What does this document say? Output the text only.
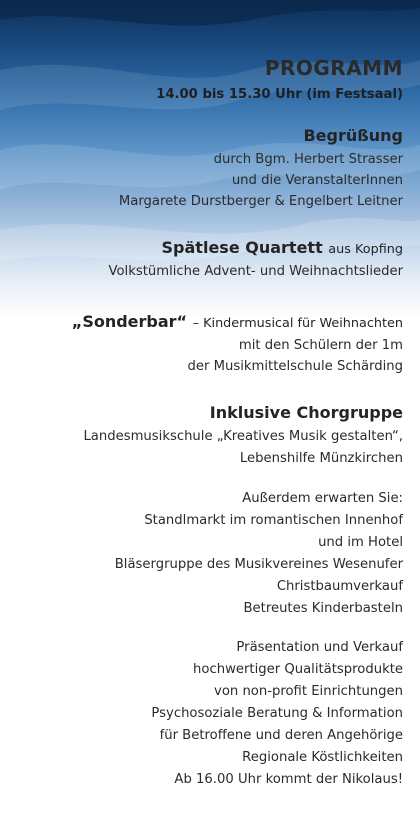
PROGRAMM
14.00 bis 15.30 Uhr (im Festsaal)
Begrüßung
durch Bgm. Herbert Strasser
und die VeranstalterInnen
Margarete Durstberger & Engelbert Leitner
Spätlese Quartett aus Kopfing
Volkstümliche Advent- und Weihnachtslieder
„Sonderbar“ – Kindermusical für Weihnachten
mit den Schülern der 1m
der Musikmittelschule Schärding
Inklusive Chorgruppe
Landesmusikschule „Kreatives Musik gestalten“,
Lebenshilfe Münzkirchen
Außerdem erwarten Sie:
Standlmarkt im romantischen Innenhof
und im Hotel
Bläsergruppe des Musikvereines Wesenufer
Christbaumverkauf
Betreutes Kinderbasteln
Präsentation und Verkauf
hochwertiger Qualitätsprodukte
von non-profit Einrichtungen
Psychosoziale Beratung & Information
für Betroffene und deren Angehörige
Regionale Köstlichkeiten
Ab 16.00 Uhr kommt der Nikolaus!
